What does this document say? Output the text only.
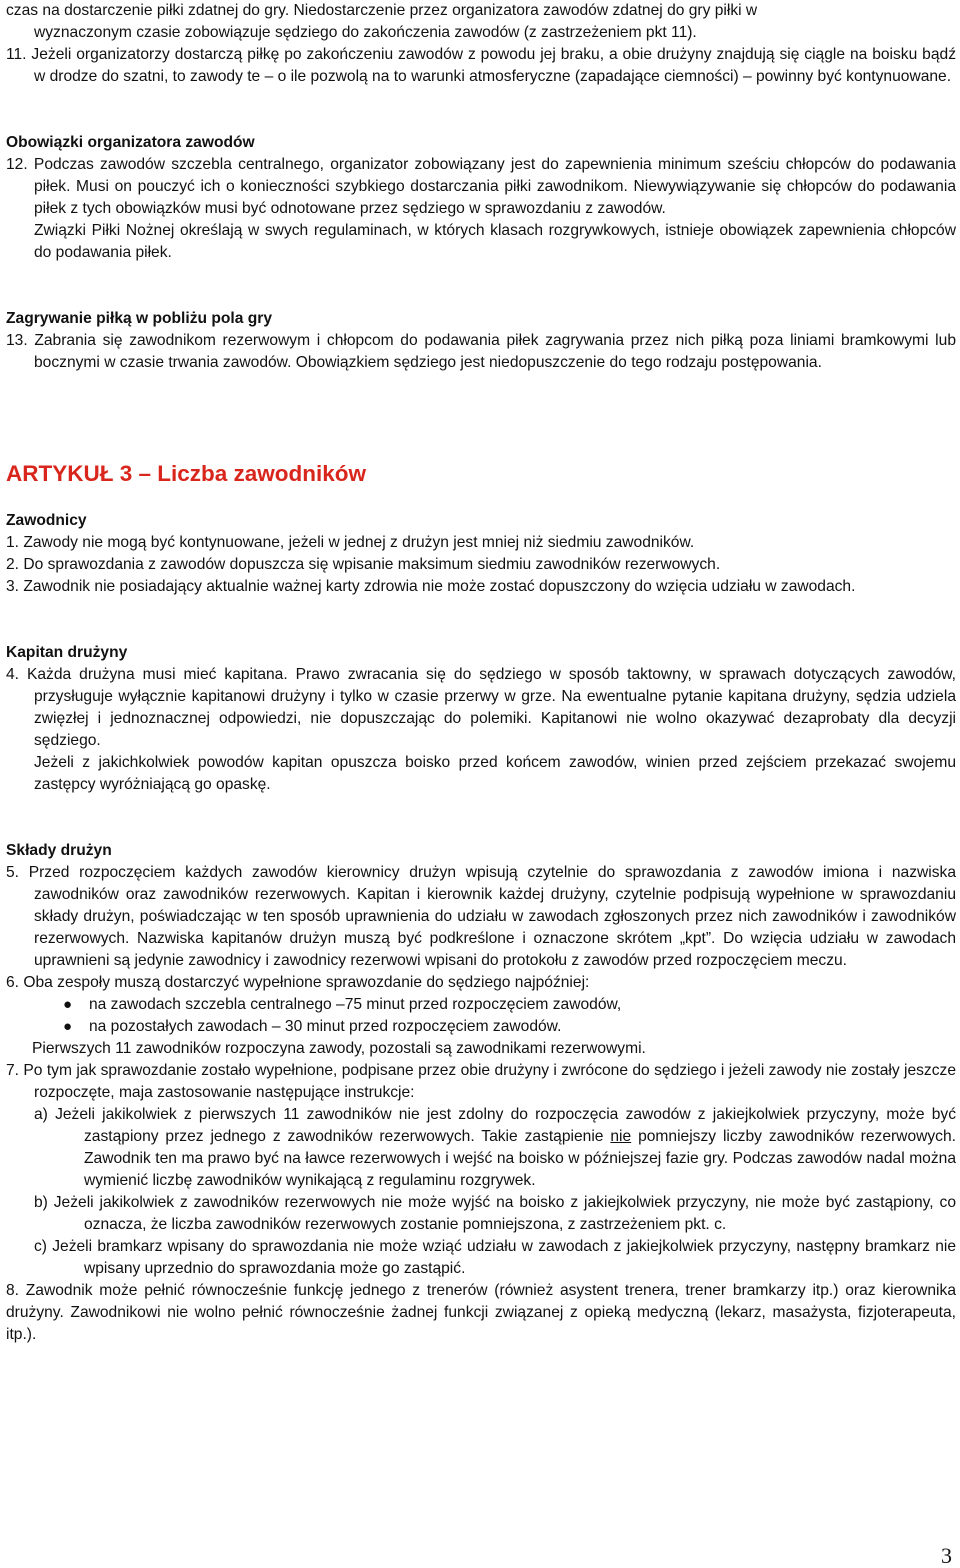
czas na dostarczenie piłki zdatnej do gry. Niedostarczenie przez organizatora zawodów zdatnej do gry piłki w

wyznaczonym czasie zobowiązuje sędziego do zakończenia zawodów (z zastrzeżeniem pkt 11).

11. Jeżeli organizatorzy dostarczą piłkę po zakończeniu zawodów z powodu jej braku, a obie drużyny znajdują się ciągle na boisku bądź w drodze do szatni, to zawody te – o ile pozwolą na to warunki atmosferyczne (zapadające ciemności) – powinny być kontynuowane.

Obowiązki organizatora zawodów

12. Podczas zawodów szczebla centralnego, organizator zobowiązany jest do zapewnienia minimum sześciu chłopców do podawania piłek. Musi on pouczyć ich o konieczności szybkiego dostarczania piłki zawodnikom. Niewywiązywanie się chłopców do podawania piłek z tych obowiązków musi być odnotowane przez sędziego w sprawozdaniu z zawodów.

Związki Piłki Nożnej określają w swych regulaminach, w których klasach rozgrywkowych, istnieje obowiązek zapewnienia chłopców do podawania piłek.

Zagrywanie piłką w pobliżu pola gry

13. Zabrania się zawodnikom rezerwowym i chłopcom do podawania piłek zagrywania przez nich piłką poza liniami bramkowymi lub bocznymi w czasie trwania zawodów. Obowiązkiem sędziego jest niedopuszczenie do tego rodzaju postępowania.

ARTYKUŁ 3 – Liczba zawodników

Zawodnicy

1. Zawody nie mogą być kontynuowane, jeżeli w jednej z drużyn jest mniej niż siedmiu zawodników.

2. Do sprawozdania z zawodów dopuszcza się wpisanie maksimum siedmiu zawodników rezerwowych.

3. Zawodnik nie posiadający aktualnie ważnej karty zdrowia nie może zostać dopuszczony do wzięcia udziału w zawodach.

Kapitan drużyny

4. Każda drużyna musi mieć kapitana. Prawo zwracania się do sędziego w sposób taktowny, w sprawach dotyczących zawodów, przysługuje wyłącznie kapitanowi drużyny i tylko w czasie przerwy w grze. Na ewentualne pytanie kapitana drużyny, sędzia udziela zwięzłej i jednoznacznej odpowiedzi, nie dopuszczając do polemiki. Kapitanowi nie wolno okazywać dezaprobaty dla decyzji sędziego.

Jeżeli z jakichkolwiek powodów kapitan opuszcza boisko przed końcem zawodów, winien przed zejściem przekazać swojemu zastępcy wyróżniającą go opaskę.

Składy drużyn

5. Przed rozpoczęciem każdych zawodów kierownicy drużyn wpisują czytelnie do sprawozdania z zawodów imiona i nazwiska zawodników oraz zawodników rezerwowych. Kapitan i kierownik każdej drużyny, czytelnie podpisują wypełnione w sprawozdaniu składy drużyn, poświadczając w ten sposób uprawnienia do udziału w zawodach zgłoszonych przez nich zawodników i zawodników rezerwowych. Nazwiska kapitanów drużyn muszą być podkreślone i oznaczone skrótem „kpt”. Do wzięcia udziału w zawodach uprawnieni są jedynie zawodnicy i zawodnicy rezerwowi wpisani do protokołu z zawodów przed rozpoczęciem meczu.

6. Oba zespoły muszą dostarczyć wypełnione sprawozdanie do sędziego najpóźniej:

● na zawodach szczebla centralnego –75 minut przed rozpoczęciem zawodów,
● na pozostałych zawodach – 30 minut przed rozpoczęciem zawodów.

Pierwszych 11 zawodników rozpoczyna zawody, pozostali są zawodnikami rezerwowymi.

7. Po tym jak sprawozdanie zostało wypełnione, podpisane przez obie drużyny i zwrócone do sędziego i jeżeli zawody nie zostały jeszcze rozpoczęte, maja zastosowanie następujące instrukcje:

a) Jeżeli jakikolwiek z pierwszych 11 zawodników nie jest zdolny do rozpoczęcia zawodów z jakiejkolwiek przyczyny, może być zastąpiony przez jednego z zawodników rezerwowych. Takie zastąpienie nie pomniejszy liczby zawodników rezerwowych. Zawodnik ten ma prawo być na ławce rezerwowych i wejść na boisko w późniejszej fazie gry. Podczas zawodów nadal można wymienić liczbę zawodników wynikającą z regulaminu rozgrywek.

b) Jeżeli jakikolwiek z zawodników rezerwowych nie może wyjść na boisko z jakiejkolwiek przyczyny, nie może być zastąpiony, co oznacza, że liczba zawodników rezerwowych zostanie pomniejszona, z zastrzeżeniem pkt. c.

c) Jeżeli bramkarz wpisany do sprawozdania nie może wziąć udziału w zawodach z jakiejkolwiek przyczyny, następny bramkarz nie wpisany uprzednio do sprawozdania może go zastąpić.

8. Zawodnik może pełnić równocześnie funkcję jednego z trenerów (również asystent trenera, trener bramkarzy itp.) oraz kierownika drużyny. Zawodnikowi nie wolno pełnić równocześnie żadnej funkcji związanej z opieką medyczną (lekarz, masażysta, fizjoterapeuta, itp.).

3
